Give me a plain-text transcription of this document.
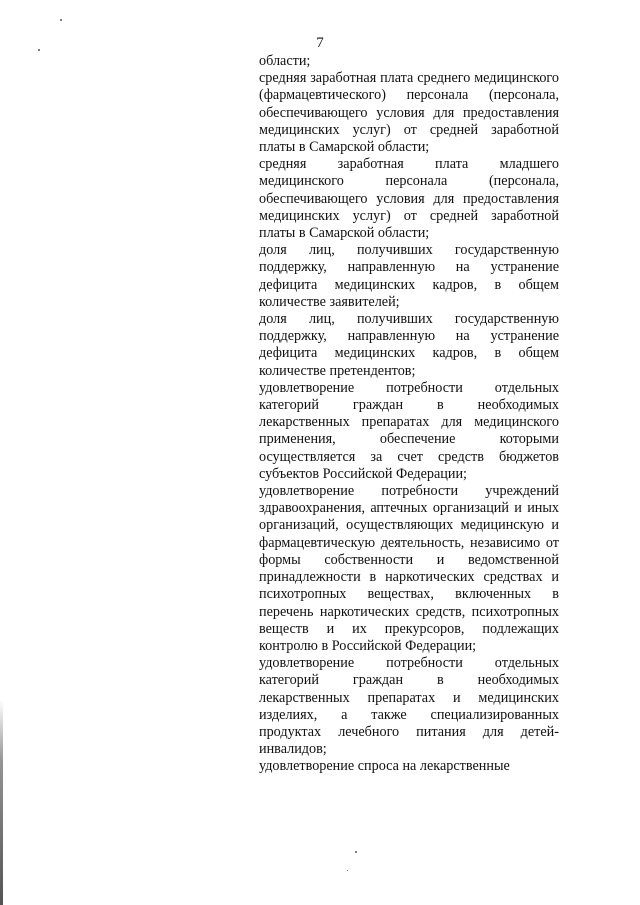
7

области;

средняя заработная плата среднего медицинского (фармацевтического) персонала (персонала, обеспечивающего условия для предоставления медицинских услуг) от средней заработной платы в Самарской области;

средняя заработная плата младшего медицинского персонала (персонала, обеспечивающего условия для предоставления медицинских услуг) от средней заработной платы в Самарской области;

доля лиц, получивших государственную поддержку, направленную на устранение дефицита медицинских кадров, в общем количестве заявителей;

доля лиц, получивших государственную поддержку, направленную на устранение дефицита медицинских кадров, в общем количестве претендентов;

удовлетворение потребности отдельных категорий граждан в необходимых лекарственных препаратах для медицинского применения, обеспечение которыми осуществляется за счет средств бюджетов субъектов Российской Федерации;

удовлетворение потребности учреждений здравоохранения, аптечных организаций и иных организаций, осуществляющих медицинскую и фармацевтическую деятельность, независимо от формы собственности и ведомственной принадлежности в наркотических средствах и психотропных веществах, включенных в перечень наркотических средств, психотропных веществ и их прекурсоров, подлежащих контролю в Российской Федерации;

удовлетворение потребности отдельных категорий граждан в необходимых лекарственных препаратах и медицинских изделиях, а также специализированных продуктах лечебного питания для детей-инвалидов;

удовлетворение спроса на лекарственные
